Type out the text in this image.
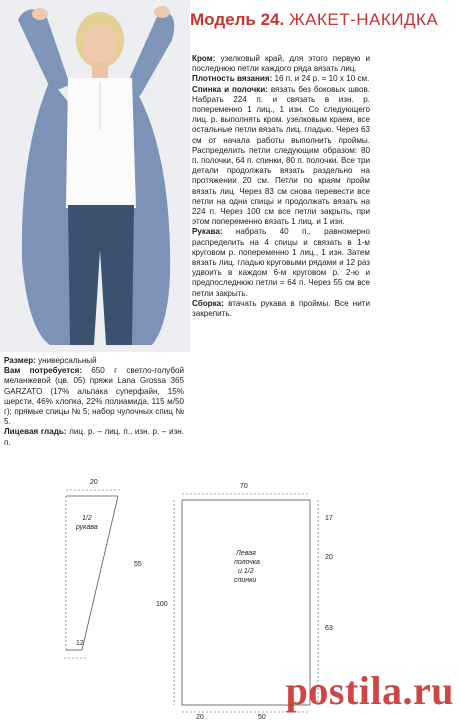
Модель 24. ЖАКЕТ-НАКИДКА

Кром: узелковый край, для этого первую и последнюю петли каждого ряда вязать лиц.

Плотность вязания: 16 п. и 24 р. = 10 х 10 см.

Спинка и полочки: вязать без боковых швов. Набрать 224 п. и связать в изн. р. попеременно 1 лиц., 1 изн. Со следующего лиц. р. выполнять кром. узелковым краем, все остальные петли вязать лиц. гладью. Через 63 см от начала работы выполнить проймы. Распределить петли следующим образом: 80 п. полочки, 64 п. спинки, 80 п. полочки. Все три детали продолжать вязать раздельно на протяжении 20 см. Петли по краям пройм вязать лиц. Через 83 см снова перевести все петли на одни спицы и продолжать вязать на 224 п. Через 100 см все петли закрыть, при этом попеременно вязать 1 лиц. и 1 изн.

Рукава: набрать 40 п., равномерно распределить на 4 спицы и связать в 1-м круговом р. попеременно 1 лиц., 1 изн. Затем вязать лиц. гладью круговыми рядами и 12 раз удвоить в каждом 6-м круговом р. 2-ю и предпоследнюю петли = 64 п. Через 55 см все петли закрыть.

Сборка: втачать рукава в проймы. Все нити закрепить.

Размер: универсальный

Вам потребуется: 650 г светло-голубой меланжевой (цв. 05) пряжи Lana Grossa 365 GARZATO (17% альпака суперфайн, 15% шерсти, 46% хлопка, 22% полиамида, 115 м/50 г); прямые спицы № 5; набор чулочных спиц № 5.

Лицевая гладь: лиц. р. – лиц. п., изн. р. – изн. п.

20
1/2
рукава
55
12
70
100
17
20
63
Левая
полочка
и 1/2
спинки
20	50
postila.ru
